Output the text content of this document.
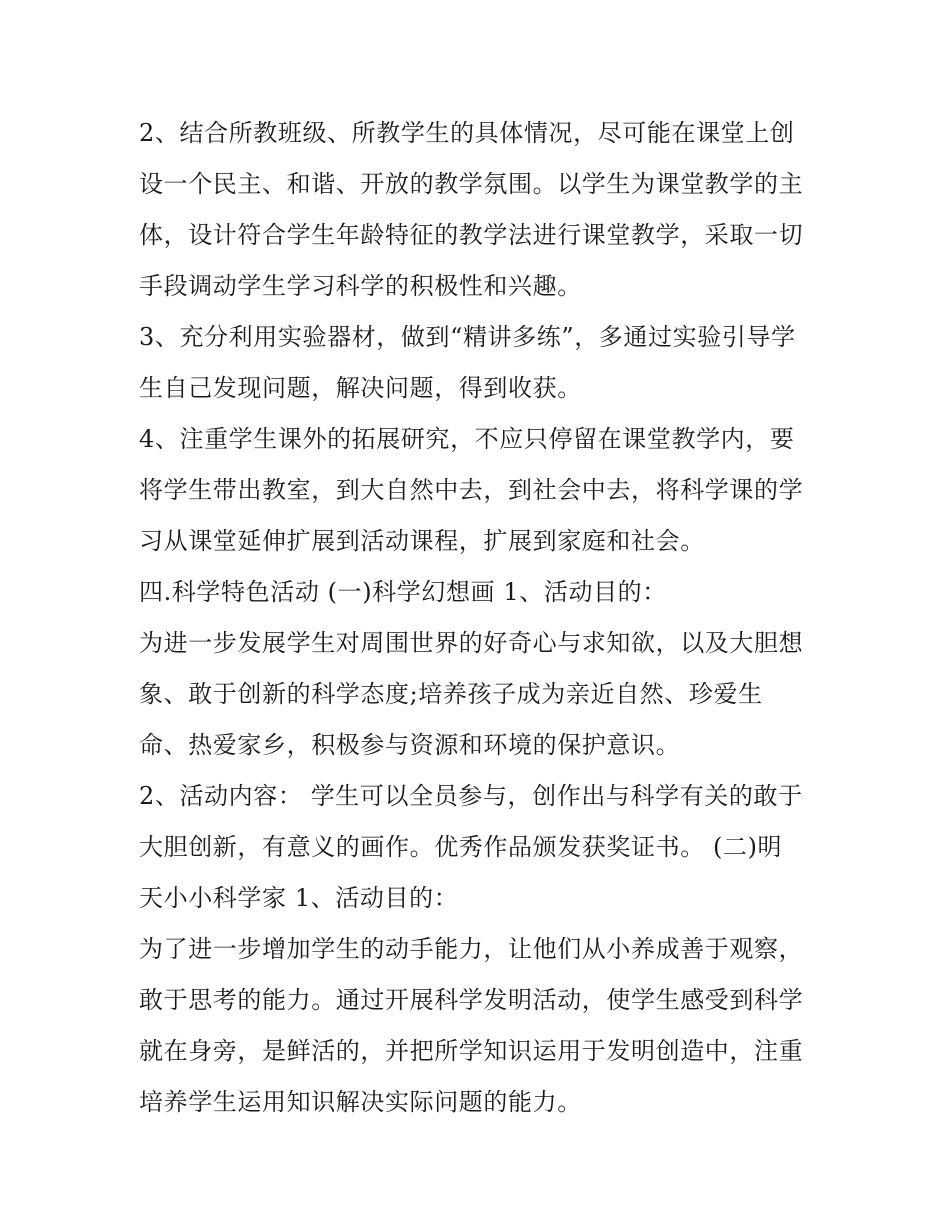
2、结合所教班级、所教学生的具体情况，尽可能在课堂上创
设一个民主、和谐、开放的教学氛围。以学生为课堂教学的主
体，设计符合学生年龄特征的教学法进行课堂教学，采取一切
手段调动学生学习科学的积极性和兴趣。
3、充分利用实验器材，做到“精讲多练”，多通过实验引导学
生自己发现问题，解决问题，得到收获。
4、注重学生课外的拓展研究，不应只停留在课堂教学内，要
将学生带出教室，到大自然中去，到社会中去，将科学课的学
习从课堂延伸扩展到活动课程，扩展到家庭和社会。
四.科学特色活动 (一)科学幻想画 1、活动目的：
为进一步发展学生对周围世界的好奇心与求知欲，以及大胆想
象、敢于创新的科学态度;培养孩子成为亲近自然、珍爱生
命、热爱家乡，积极参与资源和环境的保护意识。
2、活动内容： 学生可以全员参与，创作出与科学有关的敢于
大胆创新，有意义的画作。优秀作品颁发获奖证书。 (二)明
天小小科学家 1、活动目的：
为了进一步增加学生的动手能力，让他们从小养成善于观察，
敢于思考的能力。通过开展科学发明活动，使学生感受到科学
就在身旁，是鲜活的，并把所学知识运用于发明创造中，注重
培养学生运用知识解决实际问题的能力。
